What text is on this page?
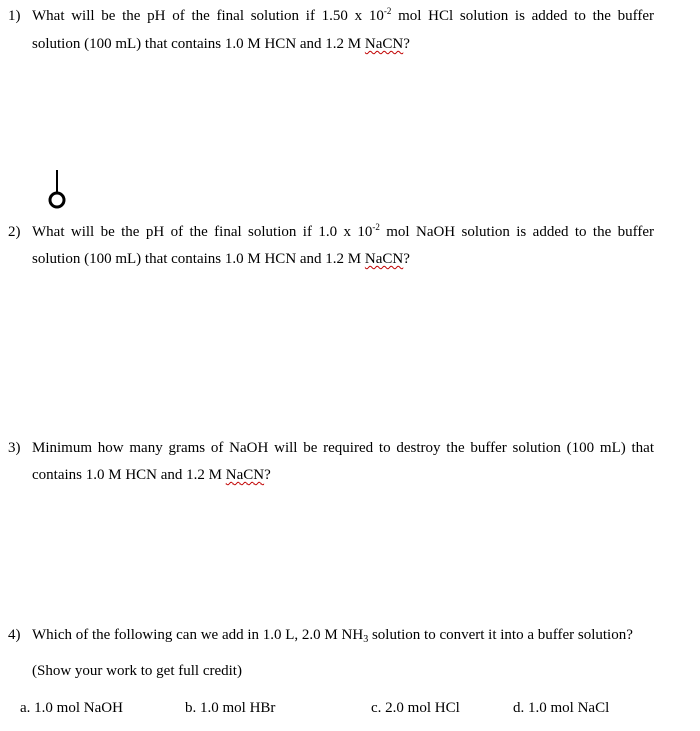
1) What will be the pH of the final solution if 1.50 x $10^{-2}$ mol HCl solution is added to the buffer
solution (100 mL) that contains 1.0 M HCN and 1.2 M NaCN?
2) What will be the pH of the final solution if 1.0 x $10^{-2}$ mol NaOH solution is added to the buffer
solution (100 mL) that contains 1.0 M HCN and 1.2 M NaCN?
3) Minimum how many grams of NaOH will be required to destroy the buffer solution (100 mL) that
contains 1.0 M HCN and 1.2 M NaCN?
4) Which of the following can we add in 1.0 L, 2.0 M $NH_3$ solution to convert it into a buffer solution?
(Show your work to get full credit)
a. 1.0 mol NaOH	b. 1.0 mol HBr	c. 2.0 mol HCl	d. 1.0 mol NaCl
